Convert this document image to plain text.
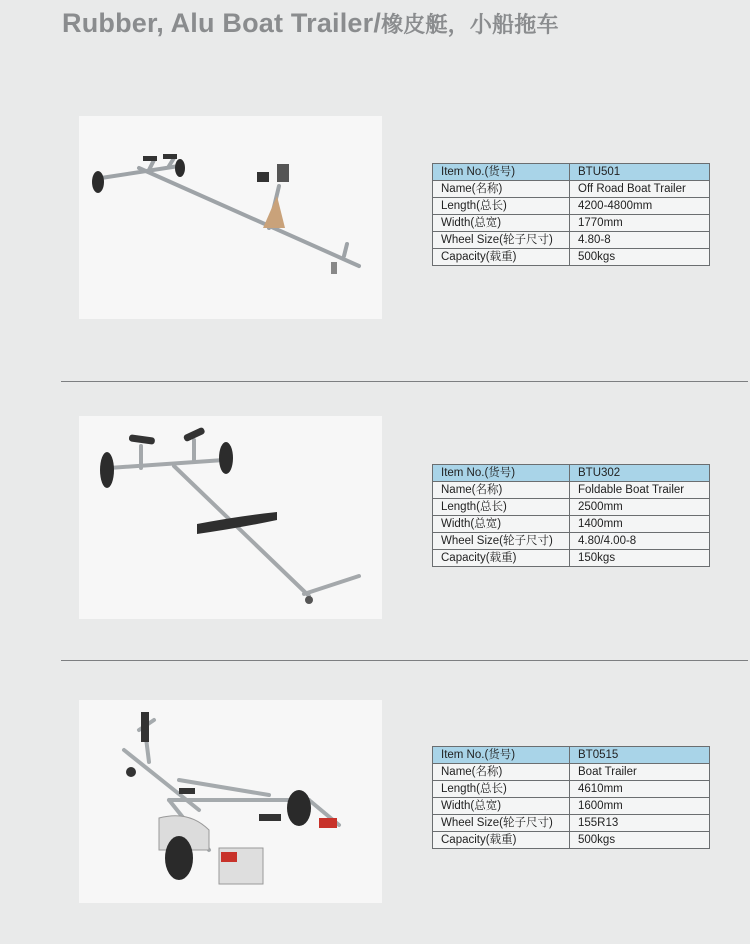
Rubber, Alu Boat Trailer/橡皮艇，小船拖车
Item No.(货号)	BTU501
Name(名称)	Off Road Boat Trailer
Length(总长)	4200-4800mm
Width(总宽)	1770mm
Wheel Size(轮子尺寸)	4.80-8
Capacity(载重)	500kgs
Item No.(货号)	BTU302
Name(名称)	Foldable Boat Trailer
Length(总长)	2500mm
Width(总宽)	1400mm
Wheel Size(轮子尺寸)	4.80/4.00-8
Capacity(载重)	150kgs
Item No.(货号)	BT0515
Name(名称)	Boat Trailer
Length(总长)	4610mm
Width(总宽)	1600mm
Wheel Size(轮子尺寸)	155R13
Capacity(载重)	500kgs
